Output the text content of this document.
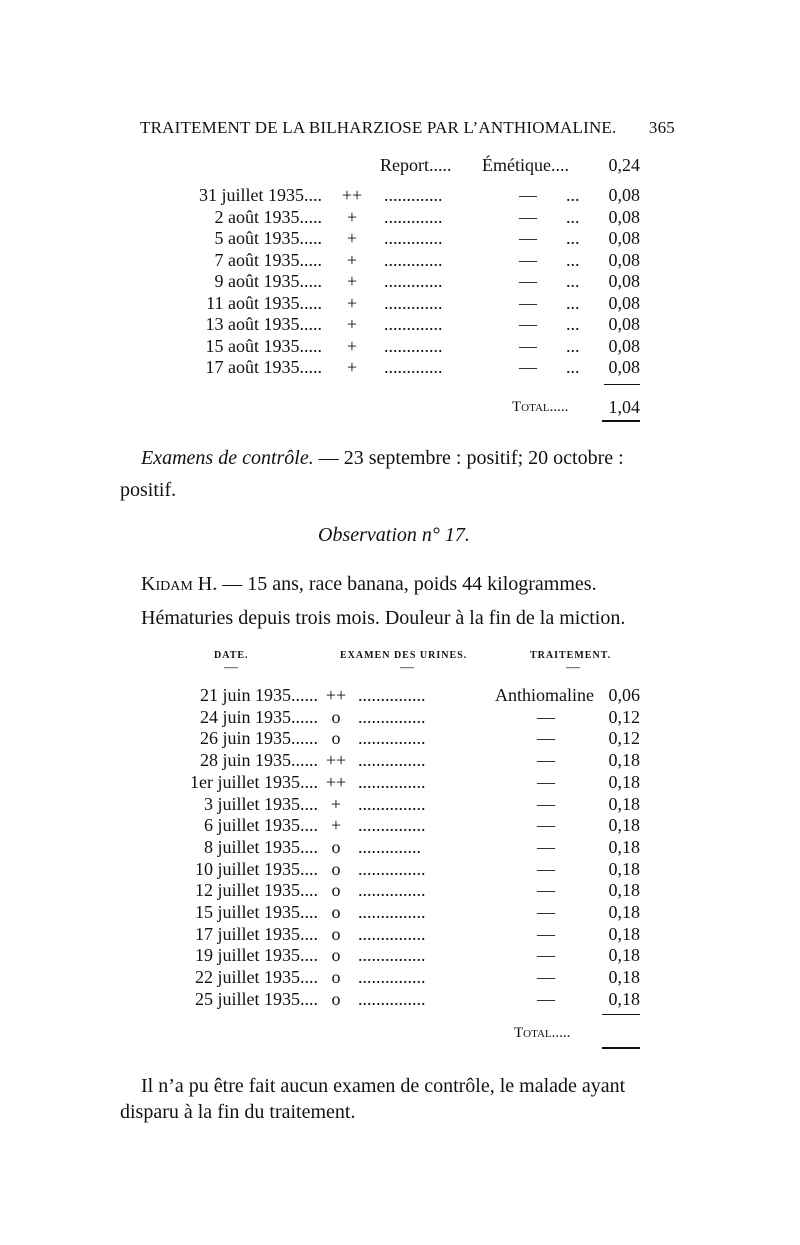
TRAITEMENT DE LA BILHARZIOSE PAR L’ANTHIOMALINE. 365
Report..... Émétique.... 0,24
31 juillet 1935.... ++ .............	— ... 0,08
2 août 1935..... + .............	— ... 0,08
5 août 1935..... + .............	— ... 0,08
7 août 1935..... + .............	— ... 0,08
9 août 1935..... + .............	— ... 0,08
11 août 1935..... + .............	— ... 0,08
13 août 1935..... + .............	— ... 0,08
15 août 1935..... + .............	— ... 0,08
17 août 1935..... + .............	— ... 0,08
Total..... 1,04
Examens de contrôle. — 23 septembre : positif; 20 octobre :
positif.
Observation n° 17.
Kidam H. — 15 ans, race banana, poids 44 kilogrammes.
Hématuries depuis trois mois. Douleur à la fin de la miction.
DATE.	EXAMEN DES URINES.	TRAITEMENT.
—	—	—
21 juin 1935...... ++ ...............	Anthiomaline 0,06
24 juin 1935...... o ...............	—	0,12
26 juin 1935...... o ...............	—	0,12
28 juin 1935...... ++ ...............	—	0,18
1er juillet 1935.... ++ ...............	—	0,18
3 juillet 1935.... + ...............	—	0,18
6 juillet 1935.... + ...............	—	0,18
8 juillet 1935.... o ..............	—	0,18
10 juillet 1935.... o ...............	—	0,18
12 juillet 1935.... o ...............	—	0,18
15 juillet 1935.... o ...............	—	0,18
17 juillet 1935.... o ...............	—	0,18
19 juillet 1935.... o ...............	—	0,18
22 juillet 1935.... o ...............	—	0,18
25 juillet 1935.... o ...............	—	0,18
Total.....
Il n’a pu être fait aucun examen de contrôle, le malade ayant
disparu à la fin du traitement.
